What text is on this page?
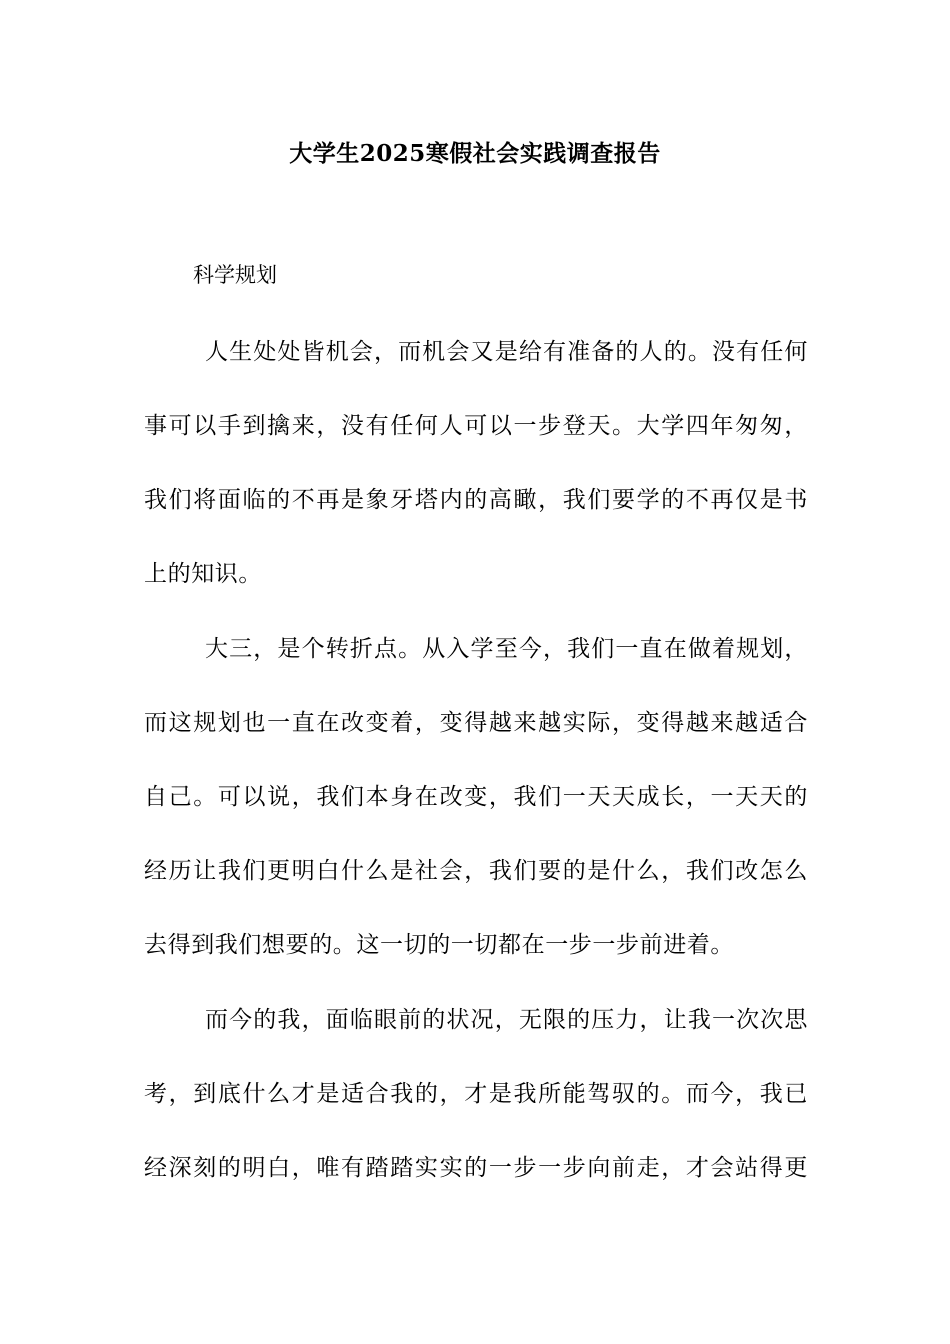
大学生2025寒假社会实践调查报告
科学规划
人生处处皆机会，而机会又是给有准备的人的。没有任何
事可以手到擒来，没有任何人可以一步登天。大学四年匆匆，
我们将面临的不再是象牙塔内的高瞰，我们要学的不再仅是书
上的知识。
大三，是个转折点。从入学至今，我们一直在做着规划，
而这规划也一直在改变着，变得越来越实际，变得越来越适合
自己。可以说，我们本身在改变，我们一天天成长，一天天的
经历让我们更明白什么是社会，我们要的是什么，我们改怎么
去得到我们想要的。这一切的一切都在一步一步前进着。
而今的我，面临眼前的状况，无限的压力，让我一次次思
考，到底什么才是适合我的，才是我所能驾驭的。而今，我已
经深刻的明白，唯有踏踏实实的一步一步向前走，才会站得更
